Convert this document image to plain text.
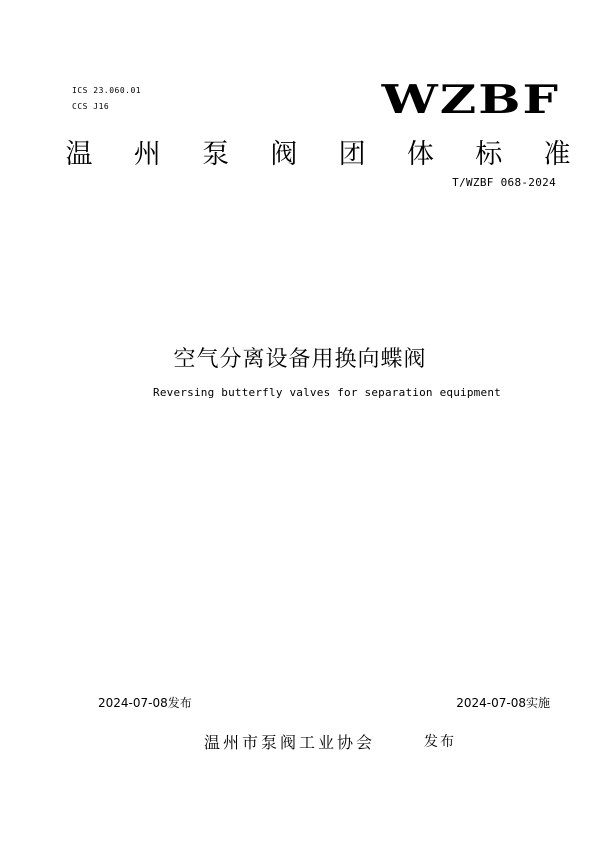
ICS 23.060.01
CCS J16	WZBF
温 州 泵 阀 团 体 标 准
T/WZBF 068-2024
空气分离设备用换向蝶阀
Reversing butterfly valves for separation equipment
2024-07-08发布	2024-07-08实施
温州市泵阀工业协会	发布
